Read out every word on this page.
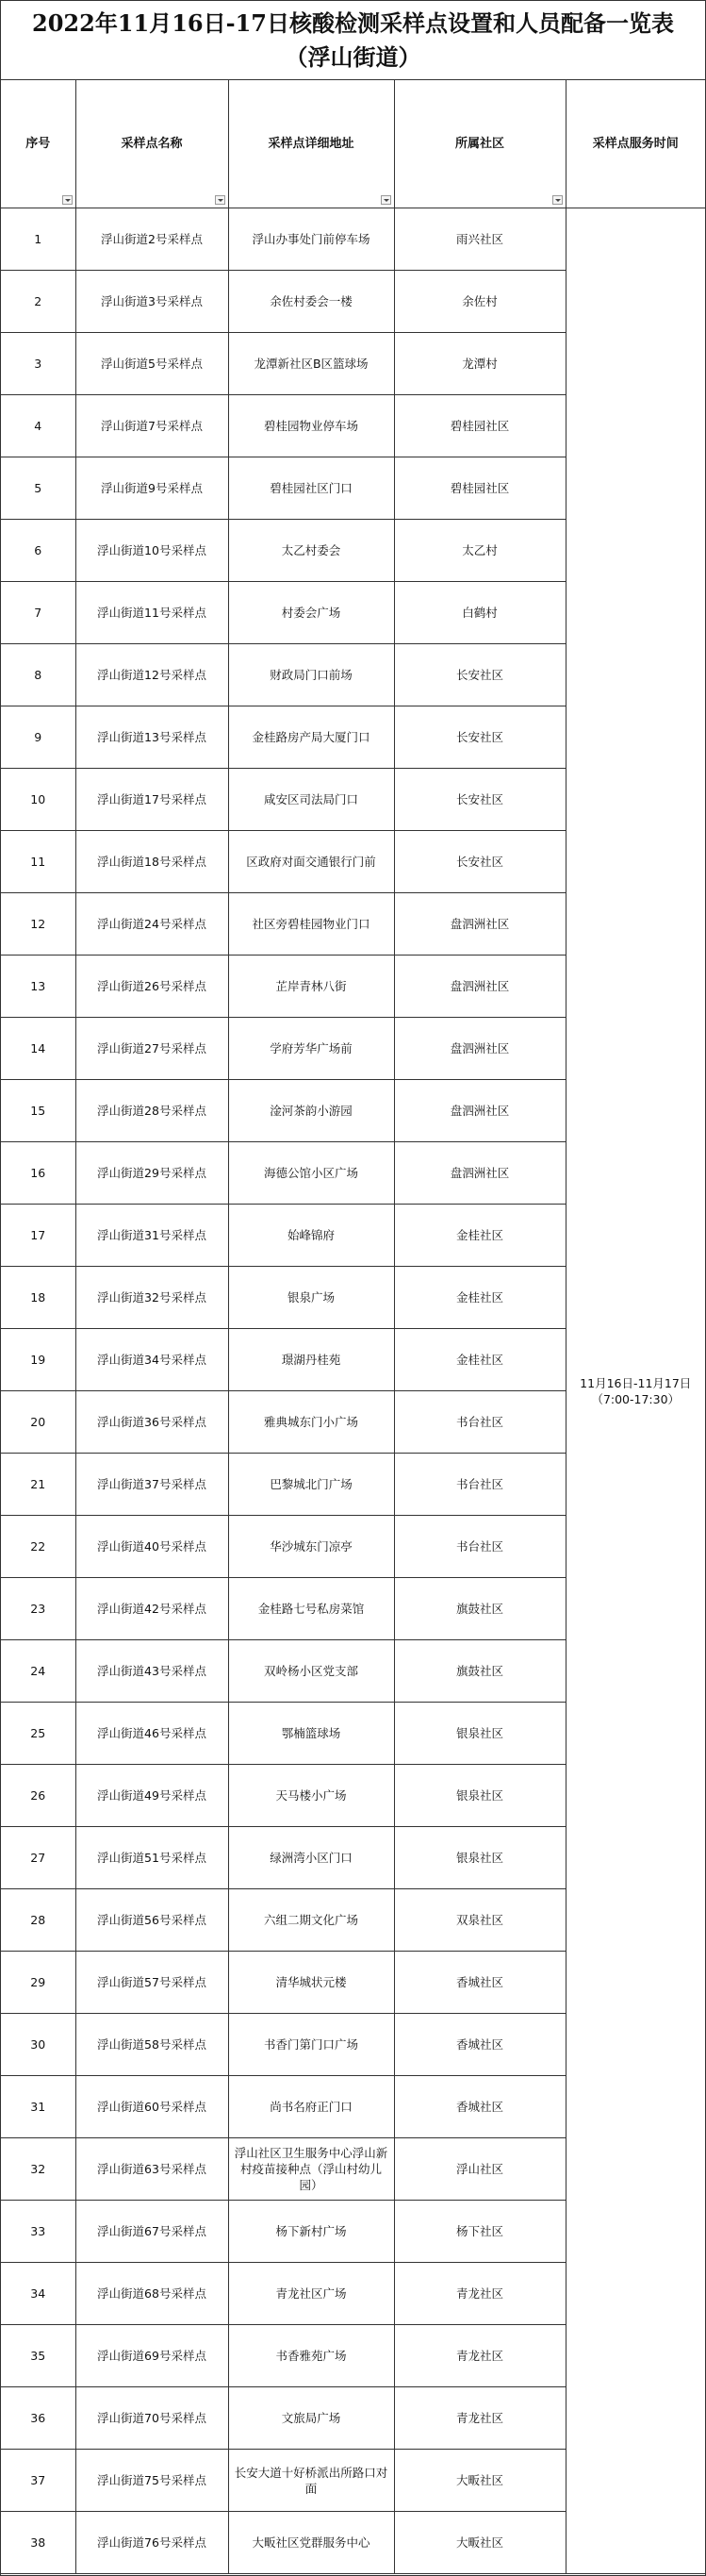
2022年11月16日-17日核酸检测采样点设置和人员配备一览表（浮山街道）
序号	采样点名称	采样点详细地址	所属社区	采样点服务时间
1	浮山街道2号采样点	浮山办事处门前停车场	雨兴社区	11月16日-11月17日
（7:00-17:30）

2	浮山街道3号采样点	余佐村委会一楼	余佐村	
3	浮山街道5号采样点	龙潭新社区B区篮球场	龙潭村	
4	浮山街道7号采样点	碧桂园物业停车场	碧桂园社区	
5	浮山街道9号采样点	碧桂园社区门口	碧桂园社区	
6	浮山街道10号采样点	太乙村委会	太乙村	
7	浮山街道11号采样点	村委会广场	白鹤村	
8	浮山街道12号采样点	财政局门口前场	长安社区	
9	浮山街道13号采样点	金桂路房产局大厦门口	长安社区	
10	浮山街道17号采样点	咸安区司法局门口	长安社区	
11	浮山街道18号采样点	区政府对面交通银行门前	长安社区	
12	浮山街道24号采样点	社区旁碧桂园物业门口	盘泗洲社区	
13	浮山街道26号采样点	芷岸青林八街	盘泗洲社区	
14	浮山街道27号采样点	学府芳华广场前	盘泗洲社区	
15	浮山街道28号采样点	淦河茶韵小游园	盘泗洲社区	
16	浮山街道29号采样点	海德公馆小区广场	盘泗洲社区	
17	浮山街道31号采样点	始峰锦府	金桂社区	
18	浮山街道32号采样点	银泉广场	金桂社区	
19	浮山街道34号采样点	璟湖丹桂苑	金桂社区	
20	浮山街道36号采样点	雅典城东门小广场	书台社区	
21	浮山街道37号采样点	巴黎城北门广场	书台社区	
22	浮山街道40号采样点	华沙城东门凉亭	书台社区	
23	浮山街道42号采样点	金桂路七号私房菜馆	旗鼓社区	
24	浮山街道43号采样点	双岭杨小区党支部	旗鼓社区	
25	浮山街道46号采样点	鄂楠篮球场	银泉社区	
26	浮山街道49号采样点	天马楼小广场	银泉社区	
27	浮山街道51号采样点	绿洲湾小区门口	银泉社区	
28	浮山街道56号采样点	六组二期文化广场	双泉社区	
29	浮山街道57号采样点	清华城状元楼	香城社区	
30	浮山街道58号采样点	书香门第门口广场	香城社区	
31	浮山街道60号采样点	尚书名府正门口	香城社区	
32	浮山街道63号采样点	浮山社区卫生服务中心浮山新村疫苗接种点（浮山村幼儿园）	浮山社区	
33	浮山街道67号采样点	杨下新村广场	杨下社区	
34	浮山街道68号采样点	青龙社区广场	青龙社区	
35	浮山街道69号采样点	书香雅苑广场	青龙社区	
36	浮山街道70号采样点	文旅局广场	青龙社区	
37	浮山街道75号采样点	长安大道十好桥派出所路口对面	大畈社区	
38	浮山街道76号采样点	大畈社区党群服务中心	大畈社区	
